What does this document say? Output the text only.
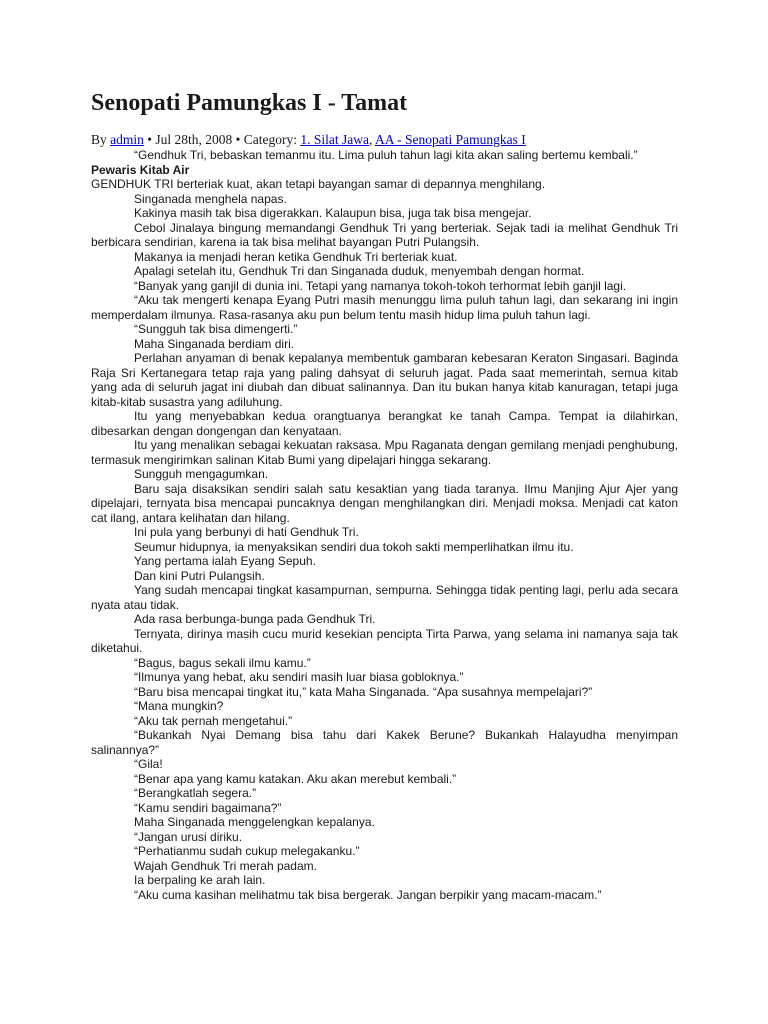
Senopati Pamungkas I - Tamat
By admin • Jul 28th, 2008 • Category: 1. Silat Jawa, AA - Senopati Pamungkas I

“Gendhuk Tri, bebaskan temanmu itu. Lima puluh tahun lagi kita akan saling bertemu kembali.”

Pewaris Kitab Air

GENDHUK TRI berteriak kuat, akan tetapi bayangan samar di depannya menghilang.

Singanada menghela napas.

Kakinya masih tak bisa digerakkan. Kalaupun bisa, juga tak bisa mengejar.

Cebol Jinalaya bingung memandangi Gendhuk Tri yang berteriak. Sejak tadi ia melihat Gendhuk Tri berbicara sendirian, karena ia tak bisa melihat bayangan Putri Pulangsih.

Makanya ia menjadi heran ketika Gendhuk Tri berteriak kuat.

Apalagi setelah itu, Gendhuk Tri dan Singanada duduk, menyembah dengan hormat.

“Banyak yang ganjil di dunia ini. Tetapi yang namanya tokoh-tokoh terhormat lebih ganjil lagi.

“Aku tak mengerti kenapa Eyang Putri masih menunggu lima puluh tahun lagi, dan sekarang ini ingin memperdalam ilmunya. Rasa-rasanya aku pun belum tentu masih hidup lima puluh tahun lagi.

“Sungguh tak bisa dimengerti.”

Maha Singanada berdiam diri.

Perlahan anyaman di benak kepalanya membentuk gambaran kebesaran Keraton Singasari. Baginda Raja Sri Kertanegara tetap raja yang paling dahsyat di seluruh jagat. Pada saat memerintah, semua kitab yang ada di seluruh jagat ini diubah dan dibuat salinannya. Dan itu bukan hanya kitab kanuragan, tetapi juga kitab-kitab susastra yang adiluhung.

Itu yang menyebabkan kedua orangtuanya berangkat ke tanah Campa. Tempat ia dilahirkan, dibesarkan dengan dongengan dan kenyataan.

Itu yang menalikan sebagai kekuatan raksasa. Mpu Raganata dengan gemilang menjadi penghubung, termasuk mengirimkan salinan Kitab Bumi yang dipelajari hingga sekarang.

Sungguh mengagumkan.

Baru saja disaksikan sendiri salah satu kesaktian yang tiada taranya. Ilmu Manjing Ajur Ajer yang dipelajari, ternyata bisa mencapai puncaknya dengan menghilangkan diri. Menjadi moksa. Menjadi cat katon cat ilang, antara kelihatan dan hilang.

Ini pula yang berbunyi di hati Gendhuk Tri.

Seumur hidupnya, ia menyaksikan sendiri dua tokoh sakti memperlihatkan ilmu itu.

Yang pertama ialah Eyang Sepuh.

Dan kini Putri Pulangsih.

Yang sudah mencapai tingkat kasampurnan, sempurna. Sehingga tidak penting lagi, perlu ada secara nyata atau tidak.

Ada rasa berbunga-bunga pada Gendhuk Tri.

Ternyata, dirinya masih cucu murid kesekian pencipta Tirta Parwa, yang selama ini namanya saja tak diketahui.

“Bagus, bagus sekali ilmu kamu.”

“Ilmunya yang hebat, aku sendiri masih luar biasa gobloknya.”

“Baru bisa mencapai tingkat itu,” kata Maha Singanada. “Apa susahnya mempelajari?”

“Mana mungkin?

“Aku tak pernah mengetahui.”

“Bukankah Nyai Demang bisa tahu dari Kakek Berune? Bukankah Halayudha menyimpan salinannya?”

“Gila!

“Benar apa yang kamu katakan. Aku akan merebut kembali.”

“Berangkatlah segera.”

“Kamu sendiri bagaimana?”

Maha Singanada menggelengkan kepalanya.

“Jangan urusi diriku.

“Perhatianmu sudah cukup melegakanku.”

Wajah Gendhuk Tri merah padam.

Ia berpaling ke arah lain.

“Aku cuma kasihan melihatmu tak bisa bergerak. Jangan berpikir yang macam-macam.”
